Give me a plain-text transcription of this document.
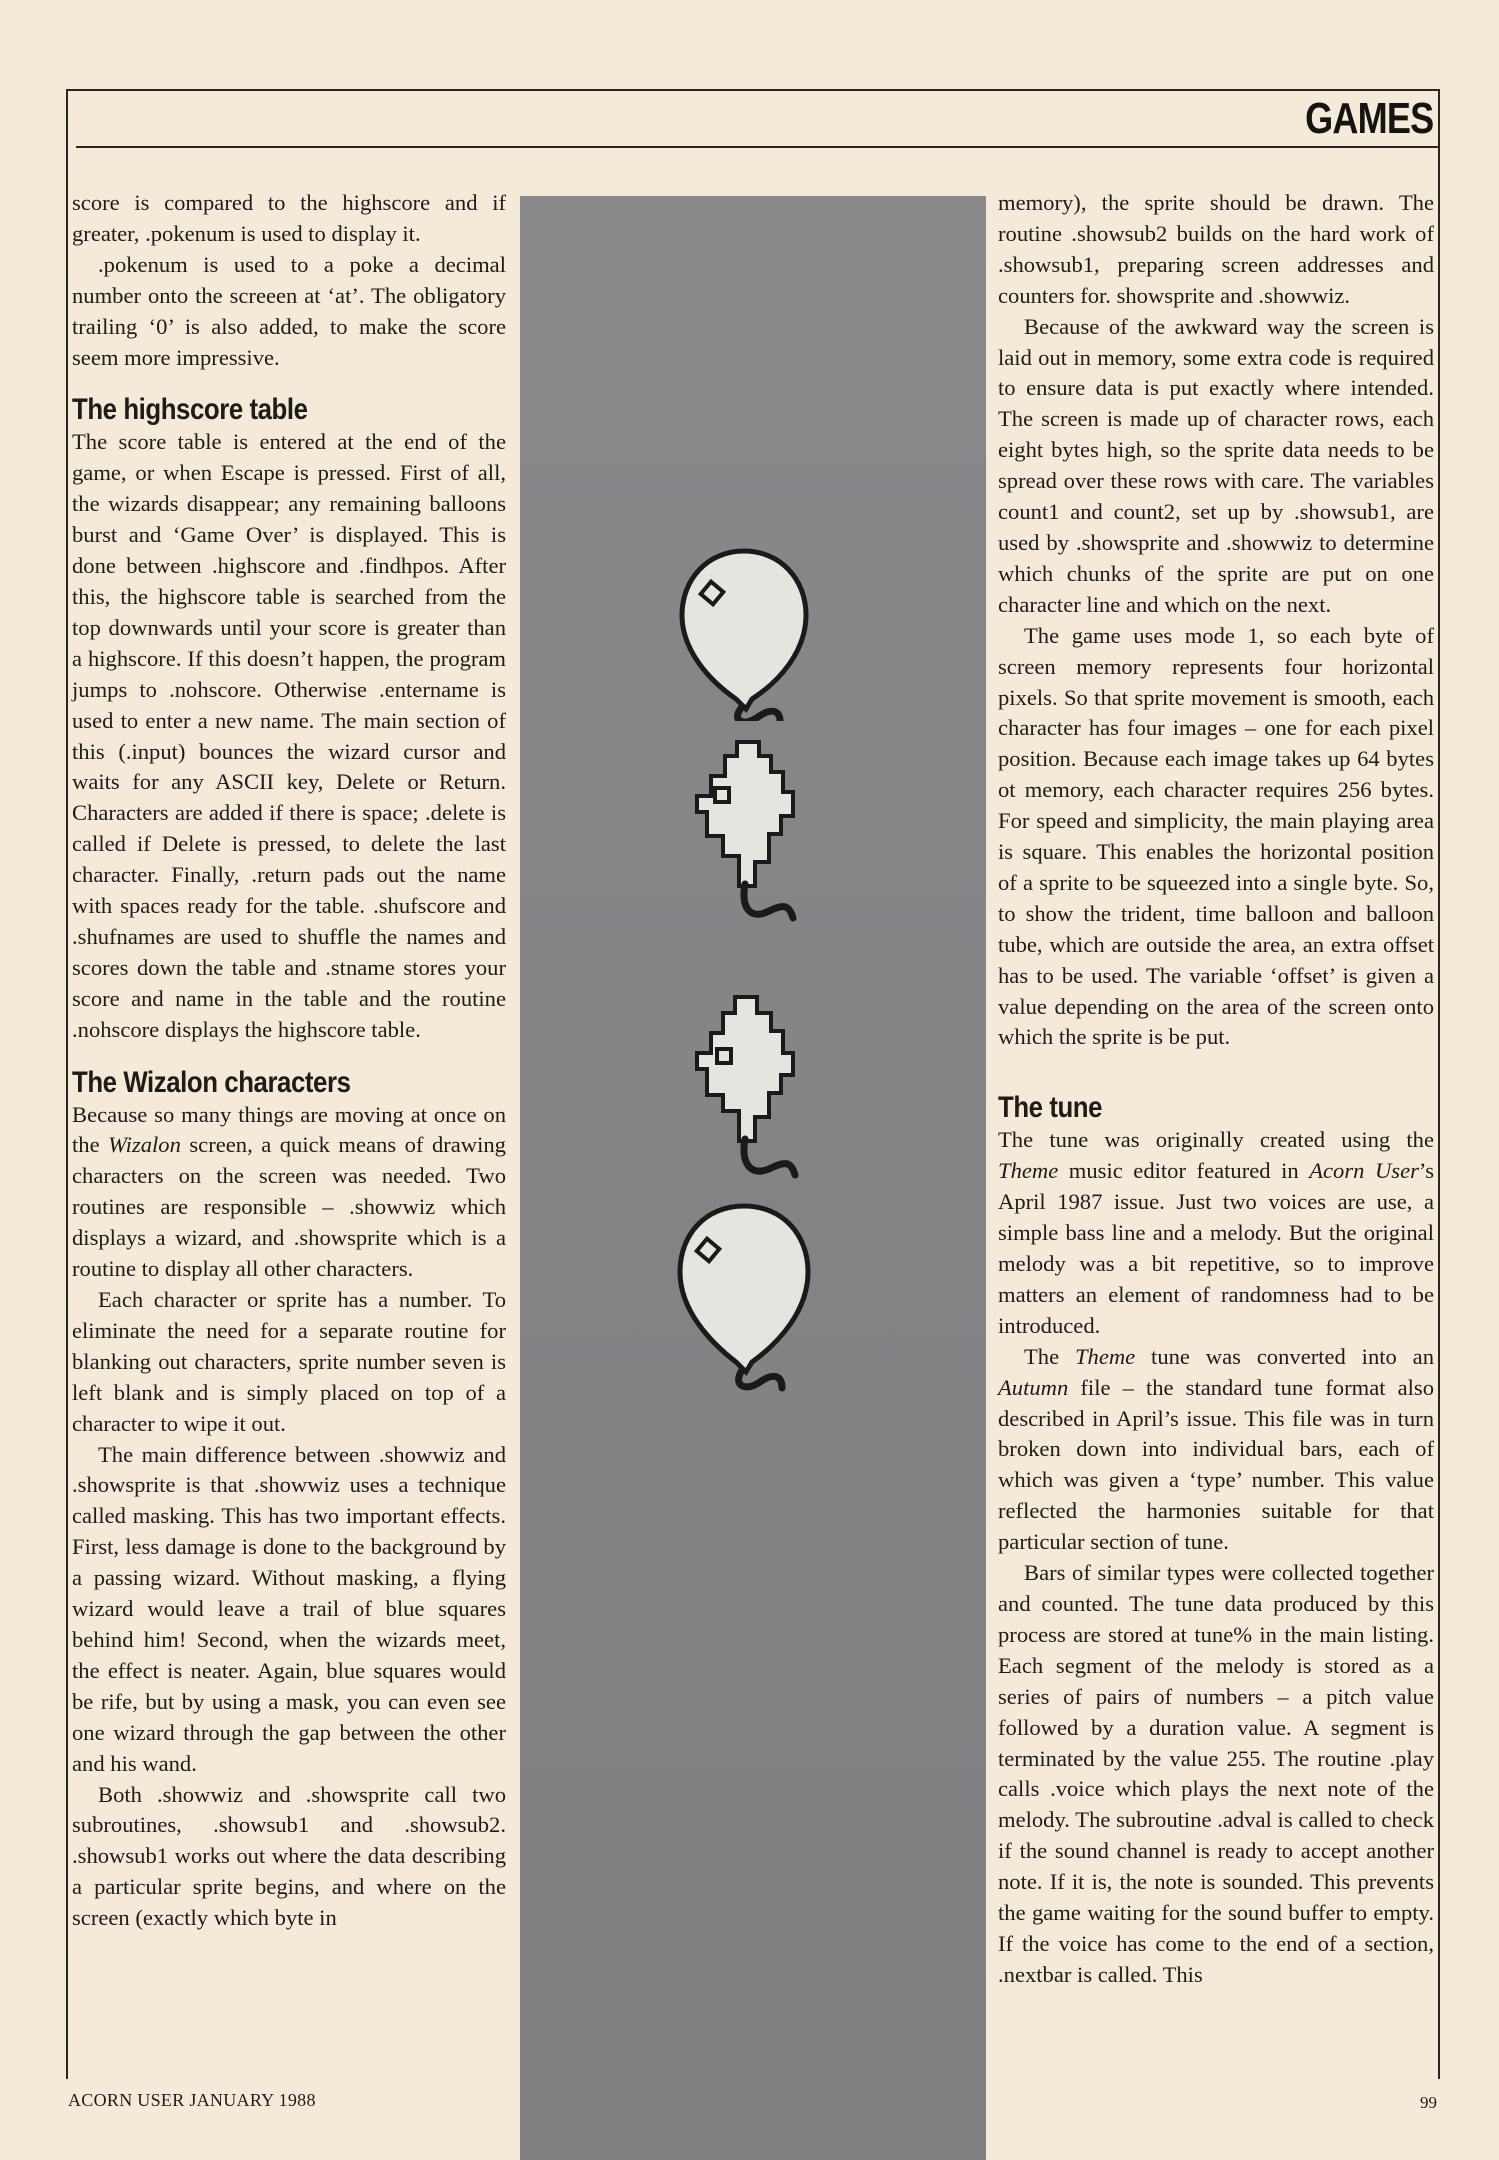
GAMES

score is compared to the highscore and if greater, .pokenum is used to display it.

.pokenum is used to a poke a decimal number onto the screeen at ‘at’. The obligatory trailing ‘0’ is also added, to make the score seem more impressive.

The highscore table

The score table is entered at the end of the game, or when Escape is pressed. First of all, the wizards disappear; any remaining balloons burst and ‘Game Over’ is displayed. This is done between .highscore and .findhpos. After this, the highscore table is searched from the top downwards until your score is greater than a highscore. If this doesn’t happen, the program jumps to .nohscore. Otherwise .entername is used to enter a new name. The main section of this (.input) bounces the wizard cursor and waits for any ASCII key, Delete or Return. Characters are added if there is space; .delete is called if Delete is pressed, to delete the last character. Finally, .return pads out the name with spaces ready for the table. .shufscore and .shufnames are used to shuffle the names and scores down the table and .stname stores your score and name in the table and the routine .nohscore displays the highscore table.

The Wizalon characters

Because so many things are moving at once on the Wizalon screen, a quick means of drawing characters on the screen was needed. Two routines are responsible – .showwiz which displays a wizard, and .showsprite which is a routine to display all other characters.

Each character or sprite has a number. To eliminate the need for a separate routine for blanking out characters, sprite number seven is left blank and is simply placed on top of a character to wipe it out.

The main difference between .showwiz and .showsprite is that .showwiz uses a technique called masking. This has two important effects. First, less damage is done to the background by a passing wizard. Without masking, a flying wizard would leave a trail of blue squares behind him! Second, when the wizards meet, the effect is neater. Again, blue squares would be rife, but by using a mask, you can even see one wizard through the gap between the other and his wand.

Both .showwiz and .showsprite call two subroutines, .showsub1 and .showsub2. .showsub1 works out where the data describing a particular sprite begins, and where on the screen (exactly which byte in

memory), the sprite should be drawn. The routine .showsub2 builds on the hard work of .showsub1, preparing screen addresses and counters for. showsprite and .showwiz.

Because of the awkward way the screen is laid out in memory, some extra code is required to ensure data is put exactly where intended. The screen is made up of character rows, each eight bytes high, so the sprite data needs to be spread over these rows with care. The variables count1 and count2, set up by .showsub1, are used by .showsprite and .showwiz to determine which chunks of the sprite are put on one character line and which on the next.

The game uses mode 1, so each byte of screen memory represents four horizontal pixels. So that sprite movement is smooth, each character has four images – one for each pixel position. Because each image takes up 64 bytes ot memory, each character requires 256 bytes. For speed and simplicity, the main playing area is square. This enables the horizontal position of a sprite to be squeezed into a single byte. So, to show the trident, time balloon and balloon tube, which are outside the area, an extra offset has to be used. The variable ‘offset’ is given a value depending on the area of the screen onto which the sprite is be put.

The tune

The tune was originally created using the Theme music editor featured in Acorn User’s April 1987 issue. Just two voices are use, a simple bass line and a melody. But the original melody was a bit repetitive, so to improve matters an element of randomness had to be introduced.

The Theme tune was converted into an Autumn file – the standard tune format also described in April’s issue. This file was in turn broken down into individual bars, each of which was given a ‘type’ number. This value reflected the harmonies suitable for that particular section of tune.

Bars of similar types were collected together and counted. The tune data produced by this process are stored at tune% in the main listing. Each segment of the melody is stored as a series of pairs of numbers – a pitch value followed by a duration value. A segment is terminated by the value 255. The routine .play calls .voice which plays the next note of the melody. The subroutine .adval is called to check if the sound channel is ready to accept another note. If it is, the note is sounded. This prevents the game waiting for the sound buffer to empty. If the voice has come to the end of a section, .nextbar is called. This

ACORN USER JANUARY 1988	99
